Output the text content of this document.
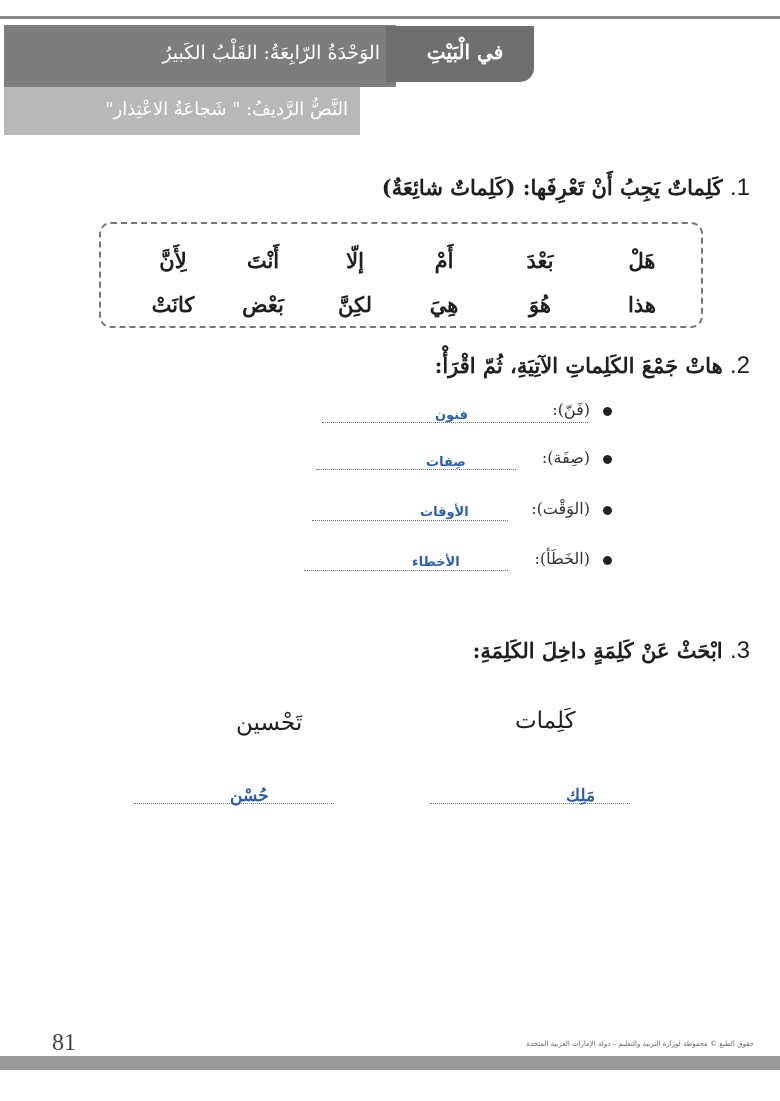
في الْبَيْتِ
الوَحْدَةُ الرّابِعَةُ: القَلْبُ الكَبيرُ
النَّصُّ الرَّديفُ: " شَجاعَةُ الاعْتِذار"
1. كَلِماتٌ يَجِبُ أَنْ تَعْرِفَها: (كَلِماتٌ شائِعَةٌ)
هَلْ
بَعْدَ
أَمْ
إلّا
أَنْتَ
لِأَنَّ
هذا
هُوَ
هِيَ
لكِنَّ
بَعْض
كانَتْ
2. هاتْ جَمْعَ الكَلِماتِ الآتِيَةِ، ثُمّ اقْرَأْ:
(فَنّ):
فنون
(صِفَة):
صِفات
(الوَقْت):
الأوقات
(الخَطَأ):
الأخطاء
3. ابْحَثْ عَنْ كَلِمَةٍ داخِلَ الكَلِمَةِ:
كَلِمات
تَحْسين
مَلِك
حُسْن
81	حقوق الطبع © محفوظة لوزارة التربية والتعليم – دولة الإمارات العربية المتحدة
